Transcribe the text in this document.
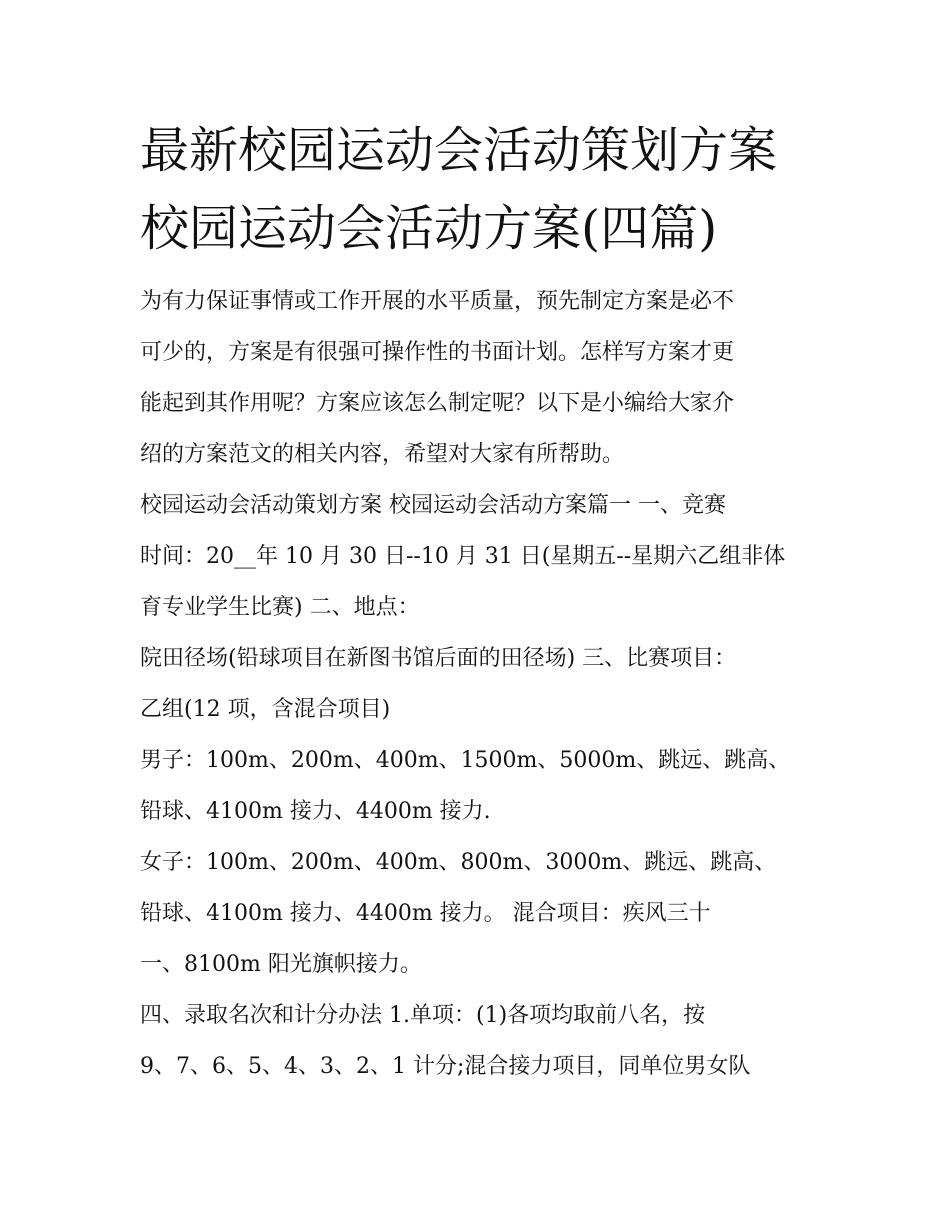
最新校园运动会活动策划方案
校园运动会活动方案(四篇)
为有力保证事情或工作开展的水平质量，预先制定方案是必不
可少的，方案是有很强可操作性的书面计划。怎样写方案才更
能起到其作用呢？方案应该怎么制定呢？以下是小编给大家介
绍的方案范文的相关内容，希望对大家有所帮助。
校园运动会活动策划方案 校园运动会活动方案篇一 一、竞赛
时间：20__年 10 月 30 日--10 月 31 日(星期五--星期六乙组非体
育专业学生比赛) 二、地点：
院田径场(铅球项目在新图书馆后面的田径场) 三、比赛项目：
乙组(12 项，含混合项目)
男子：100m、200m、400m、1500m、5000m、跳远、跳高、
铅球、4100m 接力、4400m 接力.
女子：100m、200m、400m、800m、3000m、跳远、跳高、
铅球、4100m 接力、4400m 接力。 混合项目：疾风三十
一、8100m 阳光旗帜接力。
四、录取名次和计分办法 1.单项：(1)各项均取前八名，按
9、7、6、5、4、3、2、1 计分;混合接力项目，同单位男女队
